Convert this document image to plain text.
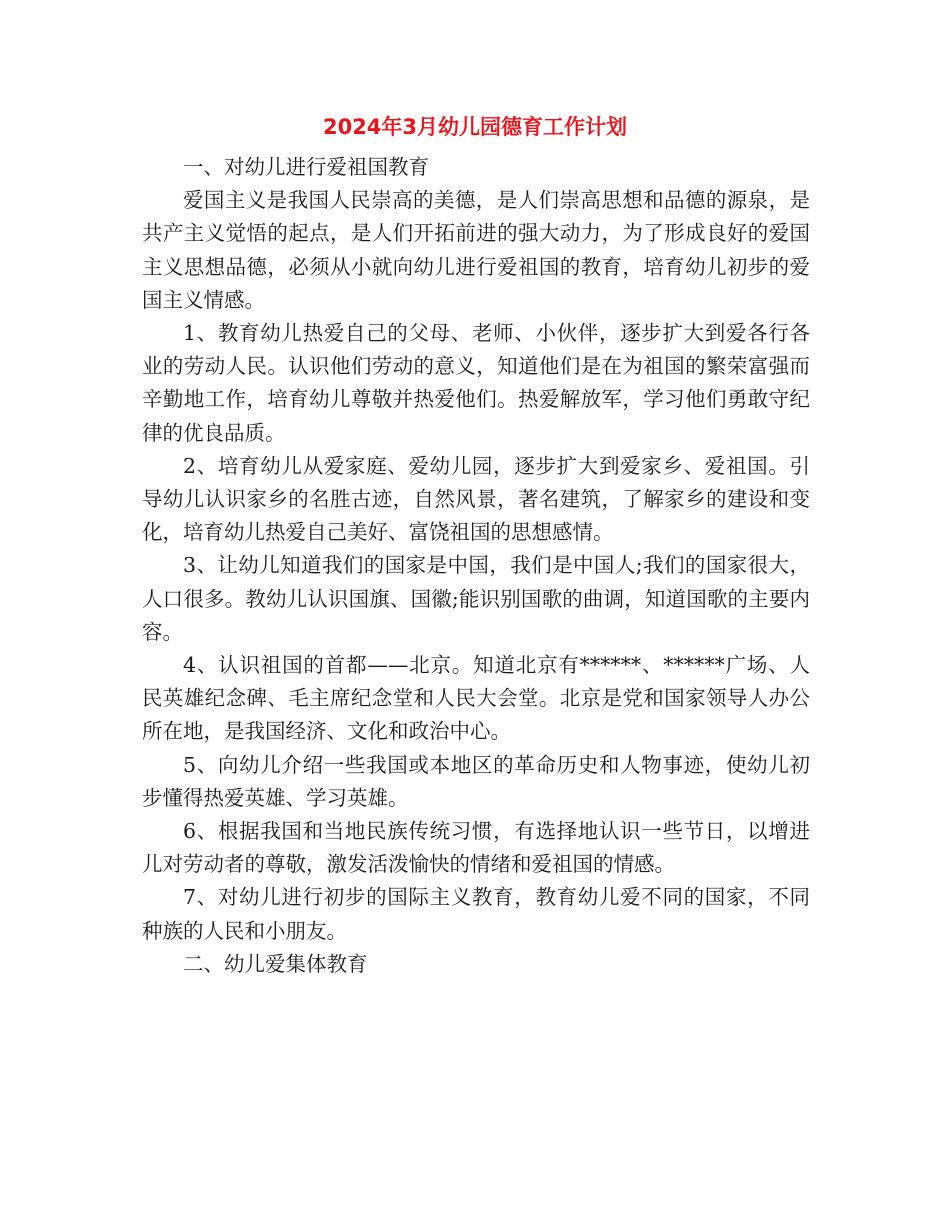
2024年3月幼儿园德育工作计划

一、对幼儿进行爱祖国教育

爱国主义是我国人民崇高的美德，是人们崇高思想和品德的源泉，是共产主义觉悟的起点，是人们开拓前进的强大动力，为了形成良好的爱国主义思想品德，必须从小就向幼儿进行爱祖国的教育，培育幼儿初步的爱国主义情感。

1、教育幼儿热爱自己的父母、老师、小伙伴，逐步扩大到爱各行各业的劳动人民。认识他们劳动的意义，知道他们是在为祖国的繁荣富强而辛勤地工作，培育幼儿尊敬并热爱他们。热爱解放军，学习他们勇敢守纪律的优良品质。

2、培育幼儿从爱家庭、爱幼儿园，逐步扩大到爱家乡、爱祖国。引导幼儿认识家乡的名胜古迹，自然风景，著名建筑，了解家乡的建设和变化，培育幼儿热爱自己美好、富饶祖国的思想感情。

3、让幼儿知道我们的国家是中国，我们是中国人;我们的国家很大，人口很多。教幼儿认识国旗、国徽;能识别国歌的曲调，知道国歌的主要内容。

4、认识祖国的首都——北京。知道北京有******、******广场、人民英雄纪念碑、毛主席纪念堂和人民大会堂。北京是党和国家领导人办公所在地，是我国经济、文化和政治中心。

5、向幼儿介绍一些我国或本地区的革命历史和人物事迹，使幼儿初步懂得热爱英雄、学习英雄。

6、根据我国和当地民族传统习惯，有选择地认识一些节日，以增进儿对劳动者的尊敬，激发活泼愉快的情绪和爱祖国的情感。

7、对幼儿进行初步的国际主义教育，教育幼儿爱不同的国家，不同种族的人民和小朋友。

二、幼儿爱集体教育
